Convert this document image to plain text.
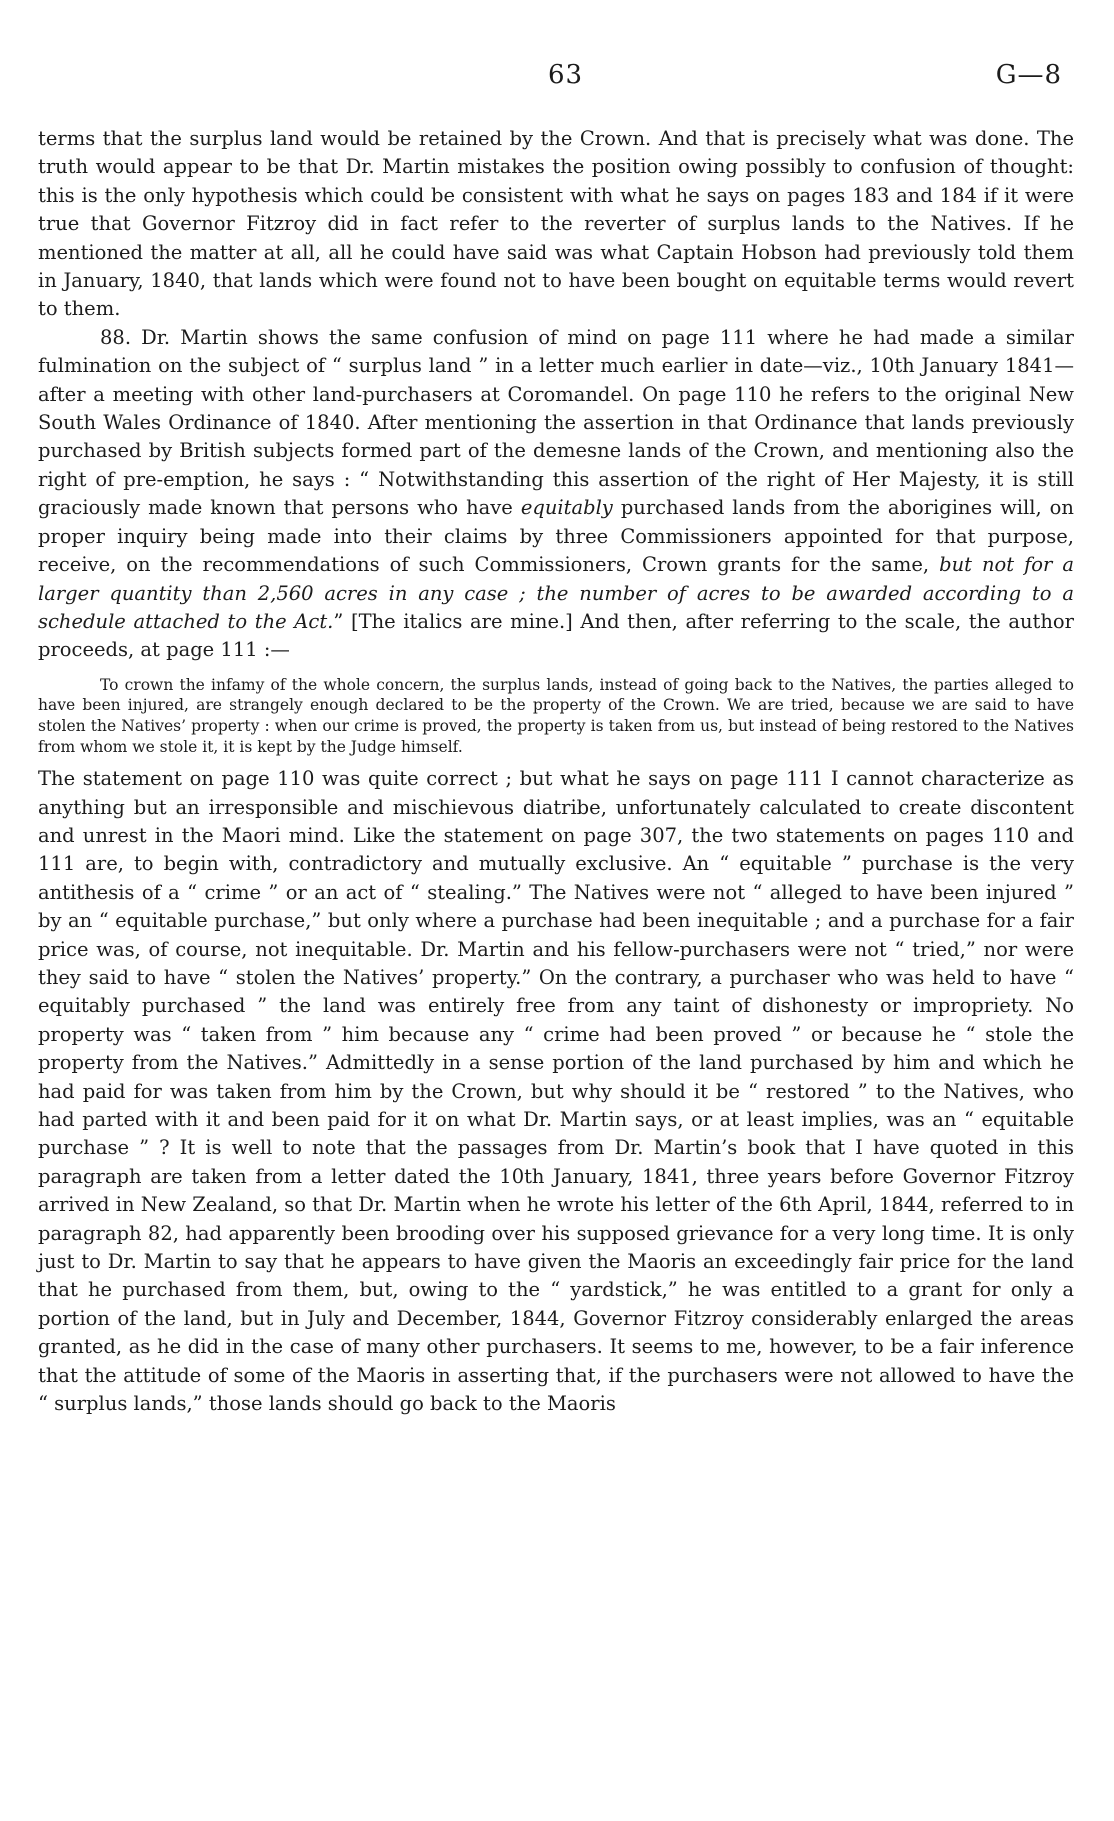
63	G—8

terms that the surplus land would be retained by the Crown. And that is precisely what was done. The truth would appear to be that Dr. Martin mistakes the position owing possibly to confusion of thought: this is the only hypothesis which could be consistent with what he says on pages 183 and 184 if it were true that Governor Fitzroy did in fact refer to the reverter of surplus lands to the Natives. If he mentioned the matter at all, all he could have said was what Captain Hobson had previously told them in January, 1840, that lands which were found not to have been bought on equitable terms would revert to them.

88. Dr. Martin shows the same confusion of mind on page 111 where he had made a similar fulmination on the subject of “ surplus land ” in a letter much earlier in date—viz., 10th January 1841—after a meeting with other land-purchasers at Coromandel. On page 110 he refers to the original New South Wales Ordinance of 1840. After mentioning the assertion in that Ordinance that lands previously purchased by British subjects formed part of the demesne lands of the Crown, and mentioning also the right of pre-emption, he says : “ Notwithstanding this assertion of the right of Her Majesty, it is still graciously made known that persons who have equitably purchased lands from the aborigines will, on proper inquiry being made into their claims by three Commissioners appointed for that purpose, receive, on the recommendations of such Commissioners, Crown grants for the same, but not for a larger quantity than 2,560 acres in any case ; the number of acres to be awarded according to a schedule attached to the Act.” [The italics are mine.] And then, after referring to the scale, the author proceeds, at page 111 :—

To crown the infamy of the whole concern, the surplus lands, instead of going back to the Natives, the parties alleged to have been injured, are strangely enough declared to be the property of the Crown. We are tried, because we are said to have stolen the Natives’ property : when our crime is proved, the property is taken from us, but instead of being restored to the Natives from whom we stole it, it is kept by the Judge himself.

The statement on page 110 was quite correct ; but what he says on page 111 I cannot characterize as anything but an irresponsible and mischievous diatribe, unfortunately calculated to create discontent and unrest in the Maori mind. Like the statement on page 307, the two statements on pages 110 and 111 are, to begin with, contradictory and mutually exclusive. An “ equitable ” purchase is the very antithesis of a “ crime ” or an act of “ stealing.” The Natives were not “ alleged to have been injured ” by an “ equitable purchase,” but only where a purchase had been inequitable ; and a purchase for a fair price was, of course, not inequitable. Dr. Martin and his fellow-purchasers were not “ tried,” nor were they said to have “ stolen the Natives’ property.” On the contrary, a purchaser who was held to have “ equitably purchased ” the land was entirely free from any taint of dishonesty or impropriety. No property was “ taken from ” him because any “ crime had been proved ” or because he “ stole the property from the Natives.” Admittedly in a sense portion of the land purchased by him and which he had paid for was taken from him by the Crown, but why should it be “ restored ” to the Natives, who had parted with it and been paid for it on what Dr. Martin says, or at least implies, was an “ equitable purchase ” ? It is well to note that the passages from Dr. Martin’s book that I have quoted in this paragraph are taken from a letter dated the 10th January, 1841, three years before Governor Fitzroy arrived in New Zealand, so that Dr. Martin when he wrote his letter of the 6th April, 1844, referred to in paragraph 82, had apparently been brooding over his supposed grievance for a very long time. It is only just to Dr. Martin to say that he appears to have given the Maoris an exceedingly fair price for the land that he purchased from them, but, owing to the “ yardstick,” he was entitled to a grant for only a portion of the land, but in July and December, 1844, Governor Fitzroy considerably enlarged the areas granted, as he did in the case of many other purchasers. It seems to me, however, to be a fair inference that the attitude of some of the Maoris in asserting that, if the purchasers were not allowed to have the “ surplus lands,” those lands should go back to the Maoris
